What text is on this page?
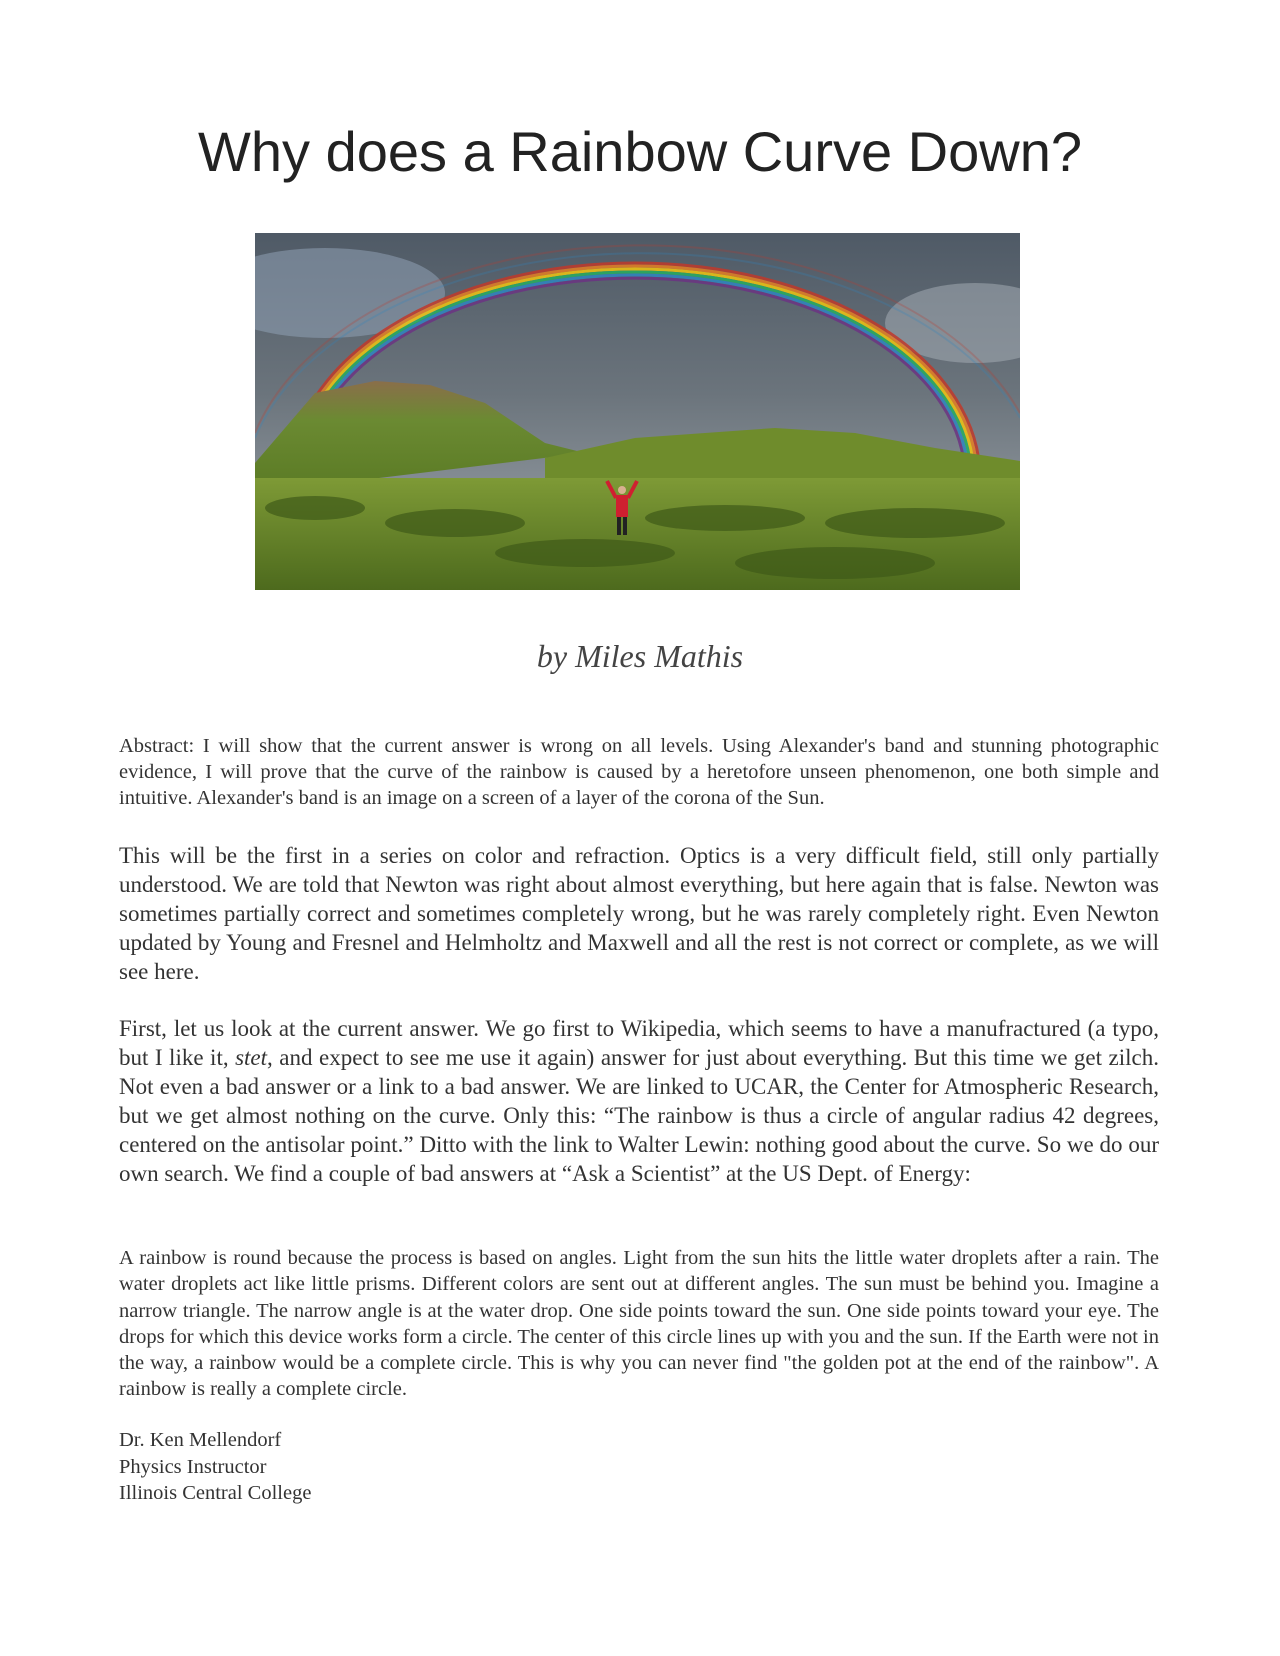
Why does a Rainbow Curve Down?
by Miles Mathis

Abstract: I will show that the current answer is wrong on all levels. Using Alexander's band and stunning photographic evidence, I will prove that the curve of the rainbow is caused by a heretofore unseen phenomenon, one both simple and intuitive. Alexander's band is an image on a screen of a layer of the corona of the Sun.

This will be the first in a series on color and refraction. Optics is a very difficult field, still only partially understood. We are told that Newton was right about almost everything, but here again that is false. Newton was sometimes partially correct and sometimes completely wrong, but he was rarely completely right. Even Newton updated by Young and Fresnel and Helmholtz and Maxwell and all the rest is not correct or complete, as we will see here.

First, let us look at the current answer. We go first to Wikipedia, which seems to have a manufractured (a typo, but I like it, stet, and expect to see me use it again) answer for just about everything. But this time we get zilch. Not even a bad answer or a link to a bad answer. We are linked to UCAR, the Center for Atmospheric Research, but we get almost nothing on the curve. Only this: “The rainbow is thus a circle of angular radius 42 degrees, centered on the antisolar point.” Ditto with the link to Walter Lewin: nothing good about the curve. So we do our own search. We find a couple of bad answers at “Ask a Scientist” at the US Dept. of Energy:

A rainbow is round because the process is based on angles. Light from the sun hits the little water droplets after a rain. The water droplets act like little prisms. Different colors are sent out at different angles. The sun must be behind you. Imagine a narrow triangle. The narrow angle is at the water drop. One side points toward the sun. One side points toward your eye. The drops for which this device works form a circle. The center of this circle lines up with you and the sun. If the Earth were not in the way, a rainbow would be a complete circle. This is why you can never find "the golden pot at the end of the rainbow". A rainbow is really a complete circle.

Dr. Ken Mellendorf
Physics Instructor
Illinois Central College
